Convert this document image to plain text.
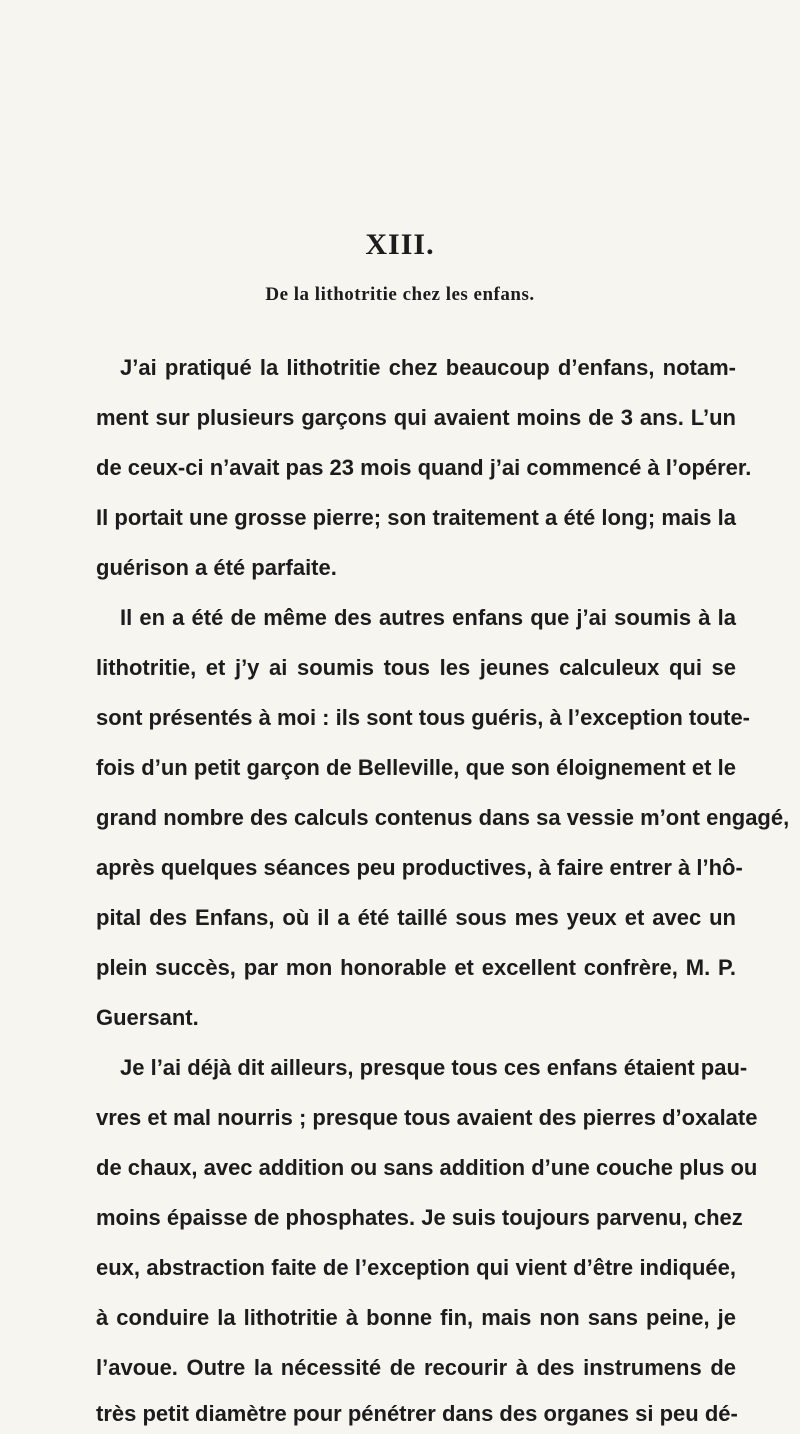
XIII.
De la lithotritie chez les enfans.
J’ai pratiqué la lithotritie chez beaucoup d’enfans, notam-
ment sur plusieurs garçons qui avaient moins de 3 ans. L’un
de ceux-ci n’avait pas 23 mois quand j’ai commencé à l’opérer.
Il portait une grosse pierre; son traitement a été long; mais la
guérison a été parfaite.
Il en a été de même des autres enfans que j’ai soumis à la
lithotritie, et j’y ai soumis tous les jeunes calculeux qui se
sont présentés à moi : ils sont tous guéris, à l’exception toute-
fois d’un petit garçon de Belleville, que son éloignement et le
grand nombre des calculs contenus dans sa vessie m’ont engagé,
après quelques séances peu productives, à faire entrer à l’hô-
pital des Enfans, où il a été taillé sous mes yeux et avec un
plein succès, par mon honorable et excellent confrère, M. P.
Guersant.
Je l’ai déjà dit ailleurs, presque tous ces enfans étaient pau-
vres et mal nourris ; presque tous avaient des pierres d’oxalate
de chaux, avec addition ou sans addition d’une couche plus ou
moins épaisse de phosphates. Je suis toujours parvenu, chez
eux, abstraction faite de l’exception qui vient d’être indiquée,
à conduire la lithotritie à bonne fin, mais non sans peine, je
l’avoue. Outre la nécessité de recourir à des instrumens de
très petit diamètre pour pénétrer dans des organes si peu dé-
